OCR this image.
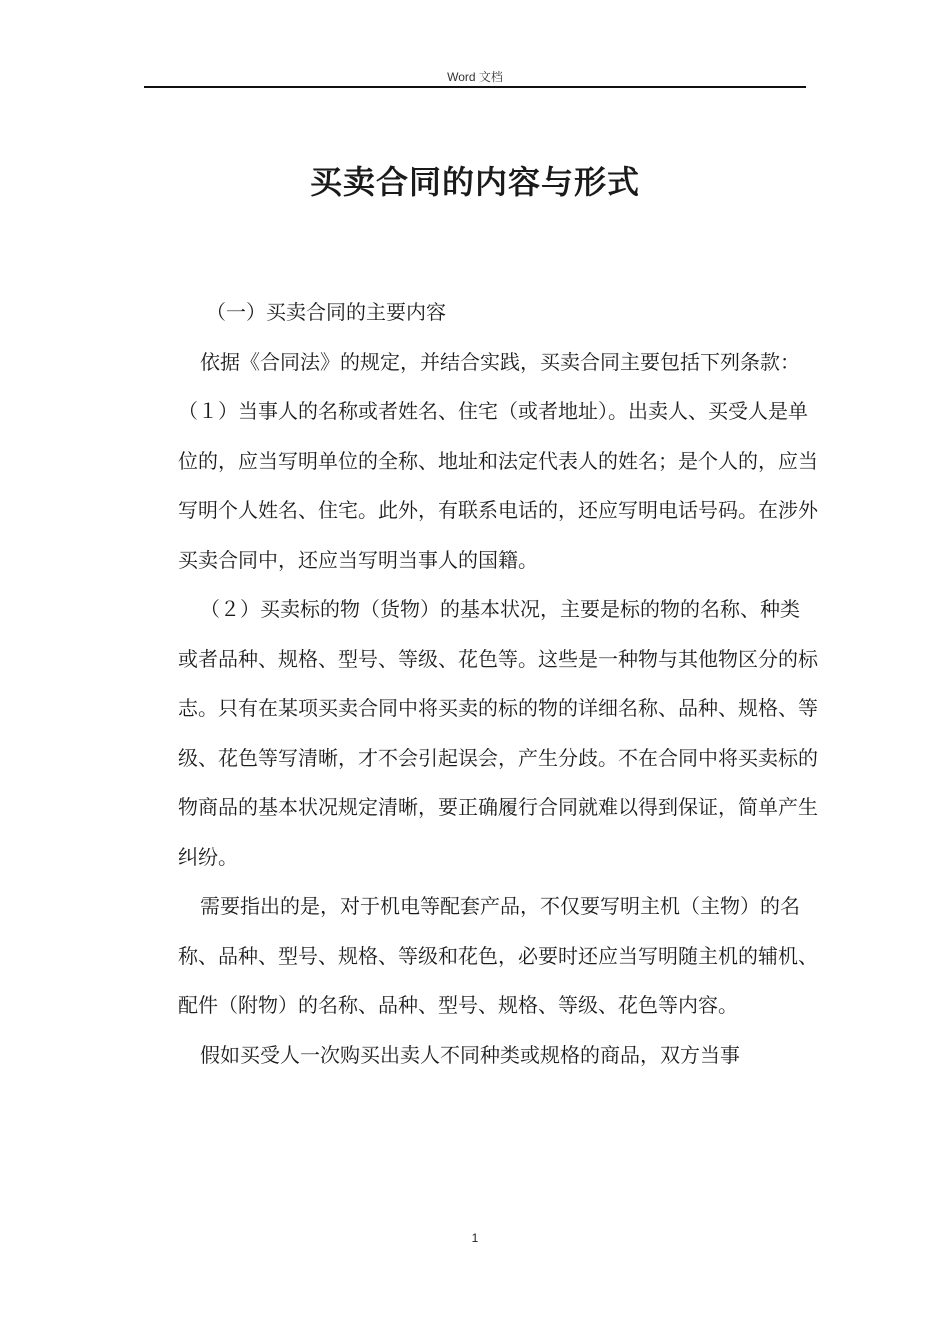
Word 文档
买卖合同的内容与形式

（一）买卖合同的主要内容

依据《合同法》的规定，并结合实践，买卖合同主要包括下列条款：（１）当事人的名称或者姓名、住宅（或者地址）。出卖人、买受人是单位的，应当写明单位的全称、地址和法定代表人的姓名；是个人的，应当写明个人姓名、住宅。此外，有联系电话的，还应写明电话号码。在涉外买卖合同中，还应当写明当事人的国籍。

（２）买卖标的物（货物）的基本状况，主要是标的物的名称、种类或者品种、规格、型号、等级、花色等。这些是一种物与其他物区分的标志。只有在某项买卖合同中将买卖的标的物的详细名称、品种、规格、等级、花色等写清晰，才不会引起误会，产生分歧。不在合同中将买卖标的物商品的基本状况规定清晰，要正确履行合同就难以得到保证，简单产生纠纷。

需要指出的是，对于机电等配套产品，不仅要写明主机（主物）的名称、品种、型号、规格、等级和花色，必要时还应当写明随主机的辅机、配件（附物）的名称、品种、型号、规格、等级、花色等内容。

假如买受人一次购买出卖人不同种类或规格的商品，双方当事

1
